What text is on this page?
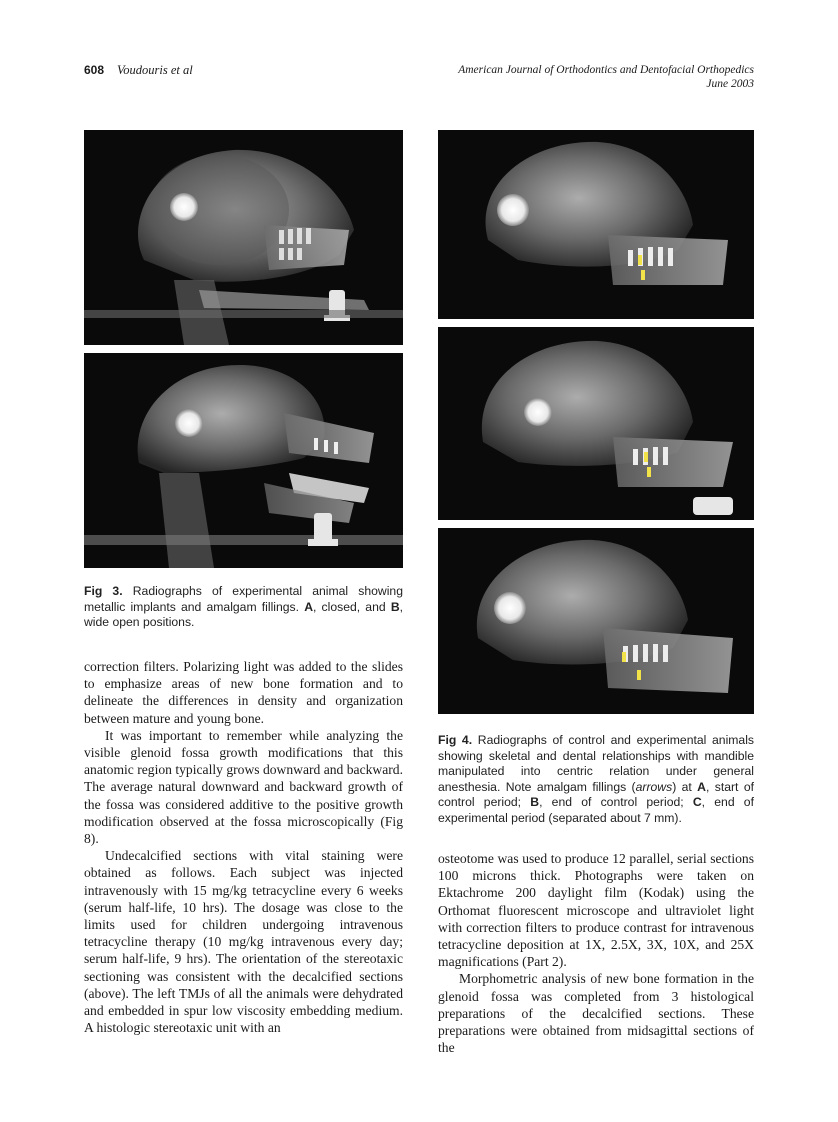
608 Voudouris et al	American Journal of Orthodontics and Dentofacial Orthopedics
June 2003
Fig 3. Radiographs of experimental animal showing metallic implants and amalgam fillings. A, closed, and B, wide open positions.
Fig 4. Radiographs of control and experimental animals showing skeletal and dental relationships with mandible manipulated into centric relation under general anesthesia. Note amalgam fillings (arrows) at A, start of control period; B, end of control period; C, end of experimental period (separated about 7 mm).

correction filters. Polarizing light was added to the slides to emphasize areas of new bone formation and to delineate the differences in density and organization between mature and young bone.

It was important to remember while analyzing the visible glenoid fossa growth modifications that this anatomic region typically grows downward and backward. The average natural downward and backward growth of the fossa was considered additive to the positive growth modification observed at the fossa microscopically (Fig 8).

Undecalcified sections with vital staining were obtained as follows. Each subject was injected intravenously with 15 mg/kg tetracycline every 6 weeks (serum half-life, 10 hrs). The dosage was close to the limits used for children undergoing intravenous tetracycline therapy (10 mg/kg intravenous every day; serum half-life, 9 hrs). The orientation of the stereotaxic sectioning was consistent with the decalcified sections (above). The left TMJs of all the animals were dehydrated and embedded in spur low viscosity embedding medium. A histologic stereotaxic unit with an

osteotome was used to produce 12 parallel, serial sections 100 microns thick. Photographs were taken on Ektachrome 200 daylight film (Kodak) using the Orthomat fluorescent microscope and ultraviolet light with correction filters to produce contrast for intravenous tetracycline deposition at 1X, 2.5X, 3X, 10X, and 25X magnifications (Part 2).

Morphometric analysis of new bone formation in the glenoid fossa was completed from 3 histological preparations of the decalcified sections. These preparations were obtained from midsagittal sections of the
